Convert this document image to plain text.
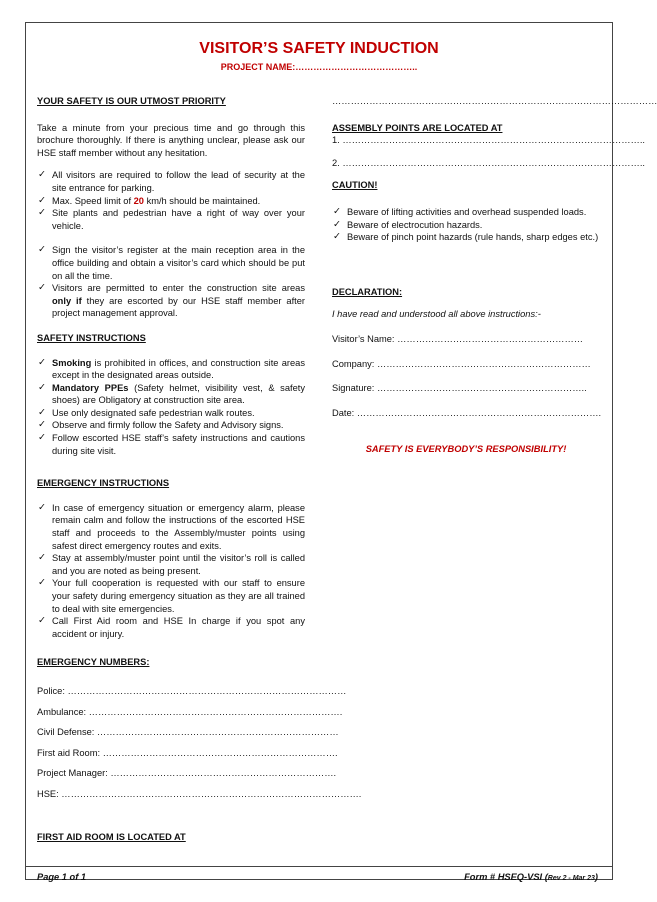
VISITOR’S SAFETY INDUCTION
PROJECT NAME:…………………………………..

YOUR SAFETY IS OUR UTMOST PRIORITY

Take a minute from your precious time and go through this brochure thoroughly. If there is anything unclear, please ask our HSE staff member without any hesitation.

✓ All visitors are required to follow the lead of security at the site entrance for parking.
✓ Max. Speed limit of 20 km/h should be maintained.
✓ Site plants and pedestrian have a right of way over your vehicle.
✓ Sign the visitor’s register at the main reception area in the office building and obtain a visitor’s card which should be put on all the time.
✓ Visitors are permitted to enter the construction site areas only if they are escorted by our HSE staff member after project management approval.

SAFETY INSTRUCTIONS

✓ Smoking is prohibited in offices, and construction site areas except in the designated areas outside.
✓ Mandatory PPEs (Safety helmet, visibility vest, & safety shoes) are Obligatory at construction site area.
✓ Use only designated safe pedestrian walk routes.
✓ Observe and firmly follow the Safety and Advisory signs.
✓ Follow escorted HSE staff’s safety instructions and cautions during site visit.

EMERGENCY INSTRUCTIONS

✓ In case of emergency situation or emergency alarm, please remain calm and follow the instructions of the escorted HSE staff and proceeds to the Assembly/muster points using safest direct emergency routes and exits.
✓ Stay at assembly/muster point until the visitor’s roll is called and you are noted as being present.
✓ Your full cooperation is requested with our staff to ensure your safety during emergency situation as they are all trained to deal with site emergencies.
✓ Call First Aid room and HSE In charge if you spot any accident or injury.

EMERGENCY NUMBERS:

Police: ………………………………………………………………………………

Ambulance: ……………………………………………………………………….

Civil Defense: ……………………………………………………………………

First aid Room: ………………………………………………………………….

Project Manager: ……………………………………………………………….

HSE: …………………………………………………………………………………….

FIRST AID ROOM IS LOCATED AT

……………………………………………………………………………………………

ASSEMBLY POINTS ARE LOCATED AT

1. ……………………………………………………………………………………..

2. ……………………………………………………………………………………..

CAUTION!

✓ Beware of lifting activities and overhead suspended loads.
✓ Beware of electrocution hazards.
✓ Beware of pinch point hazards (rule hands, sharp edges etc.)

DECLARATION:

I have read and understood all above instructions:-

Visitor’s Name: ……………………………………………………

Company: ……………………………………………………………

Signature: …………………………………………………………..

Date: …………………………………………………………………….

SAFETY IS EVERYBODY’S RESPONSIBILITY!

Page 1 of 1	Form # HSEQ-VSI (Rev 2 - Mar 23)
